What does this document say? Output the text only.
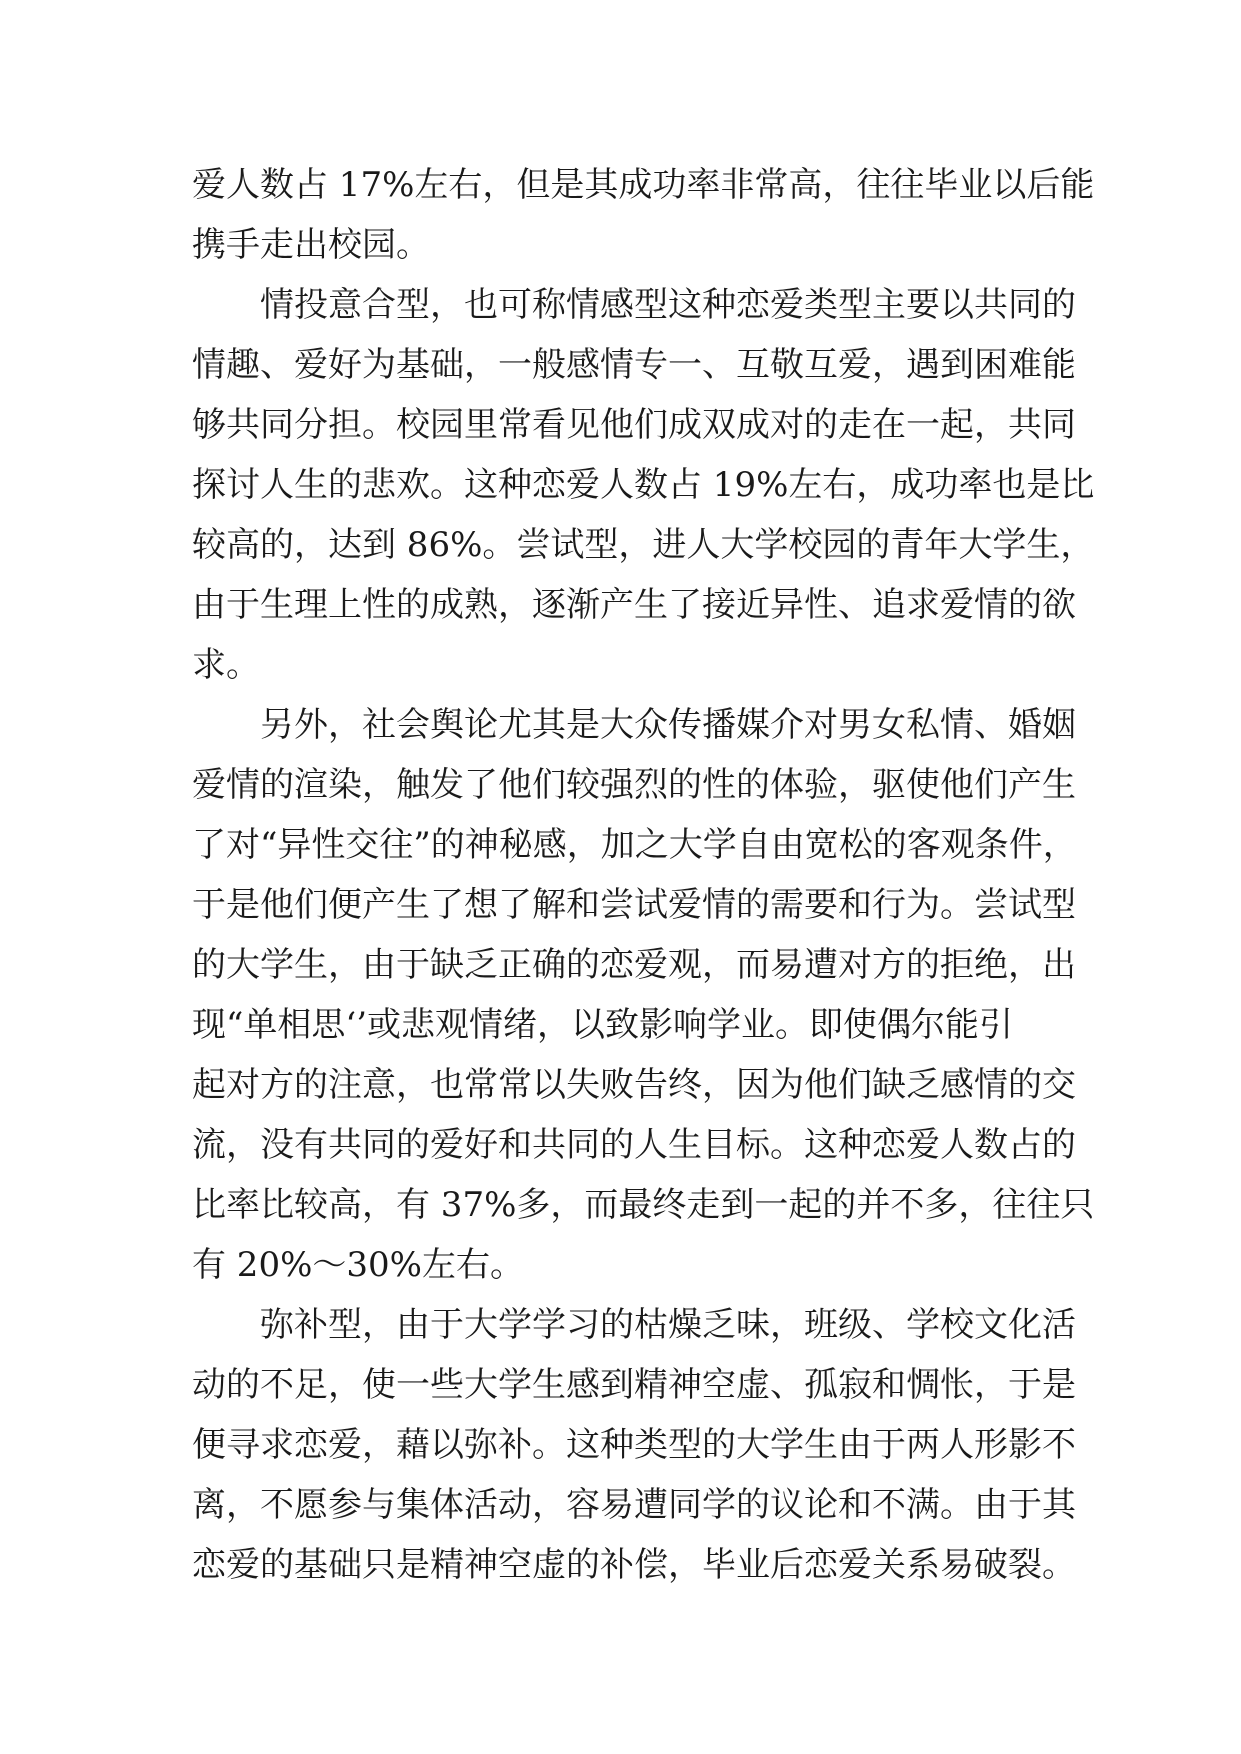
爱人数占 17%左右，但是其成功率非常高，往往毕业以后能
携手走出校园。
情投意合型，也可称情感型这种恋爱类型主要以共同的
情趣、爱好为基础，一般感情专一、互敬互爱，遇到困难能
够共同分担。校园里常看见他们成双成对的走在一起，共同
探讨人生的悲欢。这种恋爱人数占 19%左右，成功率也是比
较高的，达到 86%。尝试型，进人大学校园的青年大学生，
由于生理上性的成熟，逐渐产生了接近异性、追求爱情的欲
求。
另外，社会舆论尤其是大众传播媒介对男女私情、婚姻
爱情的渲染，触发了他们较强烈的性的体验，驱使他们产生
了对“异性交往”的神秘感，加之大学自由宽松的客观条件，
于是他们便产生了想了解和尝试爱情的需要和行为。尝试型
的大学生，由于缺乏正确的恋爱观，而易遭对方的拒绝，出
现“单相思‘’或悲观情绪，以致影响学业。即使偶尔能引
起对方的注意，也常常以失败告终，因为他们缺乏感情的交
流，没有共同的爱好和共同的人生目标。这种恋爱人数占的
比率比较高，有 37%多，而最终走到一起的并不多，往往只
有 20%～30%左右。
弥补型，由于大学学习的枯燥乏味，班级、学校文化活
动的不足，使一些大学生感到精神空虚、孤寂和惆怅，于是
便寻求恋爱，藉以弥补。这种类型的大学生由于两人形影不
离，不愿参与集体活动，容易遭同学的议论和不满。由于其
恋爱的基础只是精神空虚的补偿，毕业后恋爱关系易破裂。
